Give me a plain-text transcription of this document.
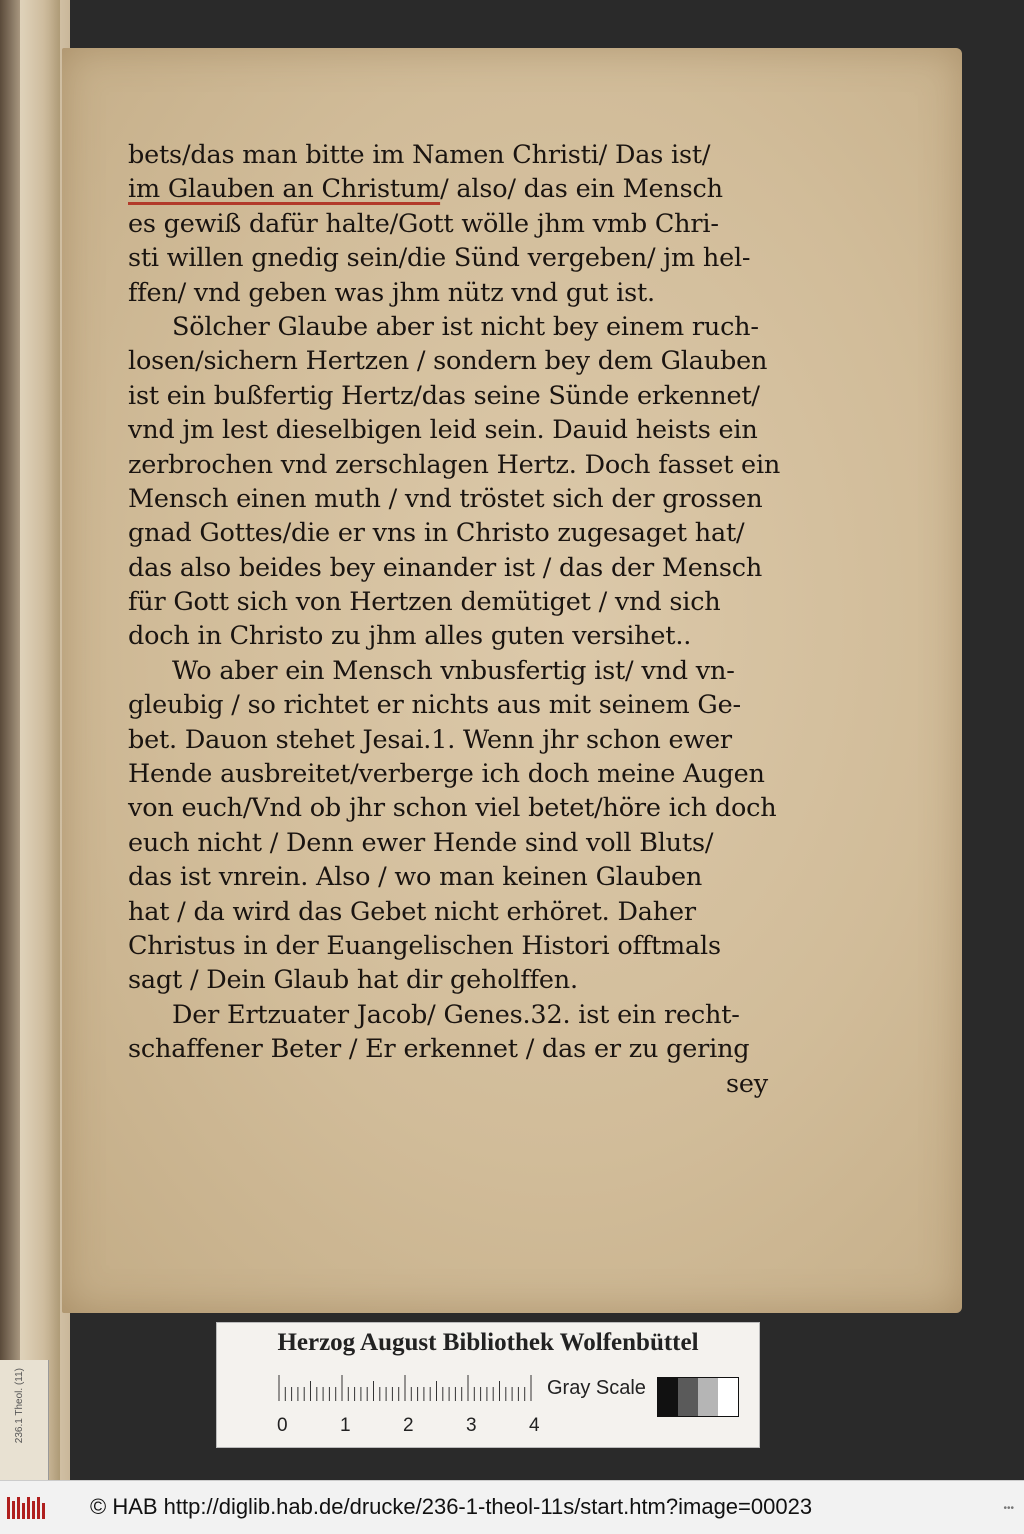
236.1 Theol. (11)
bets/das man bitte im Namen Christi/ Das ist/
im Glauben an Christum/ also/ das ein Mensch
es gewiß dafür halte/Gott wölle jhm vmb Chri-
sti willen gnedig sein/die Sünd vergeben/ jm hel-
ffen/ vnd geben was jhm nütz vnd gut ist.
Sölcher Glaube aber ist nicht bey einem ruch-
losen/sichern Hertzen / sondern bey dem Glauben
ist ein bußfertig Hertz/das seine Sünde erkennet/
vnd jm lest dieselbigen leid sein. Dauid heists ein
zerbrochen vnd zerschlagen Hertz. Doch fasset ein
Mensch einen muth / vnd tröstet sich der grossen
gnad Gottes/die er vns in Christo zugesaget hat/
das also beides bey einander ist / das der Mensch
für Gott sich von Hertzen demütiget / vnd sich
doch in Christo zu jhm alles guten versihet..
Wo aber ein Mensch vnbusfertig ist/ vnd vn-
gleubig / so richtet er nichts aus mit seinem Ge-
bet. Dauon stehet Jesai.1. Wenn jhr schon ewer
Hende ausbreitet/verberge ich doch meine Augen
von euch/Vnd ob jhr schon viel betet/höre ich doch
euch nicht / Denn ewer Hende sind voll Bluts/
das ist vnrein. Also / wo man keinen Glauben
hat / da wird das Gebet nicht erhöret. Daher
Christus in der Euangelischen Histori offtmals
sagt / Dein Glaub hat dir geholffen.
Der Ertzuater Jacob/ Genes.32. ist ein recht-
schaffener Beter / Er erkennet / das er zu gering
sey
Herzog August Bibliothek Wolfenbüttel
0	1	2	3	4
Gray Scale
© HAB http://diglib.hab.de/drucke/236-1-theol-11s/start.htm?image=00023	•••
